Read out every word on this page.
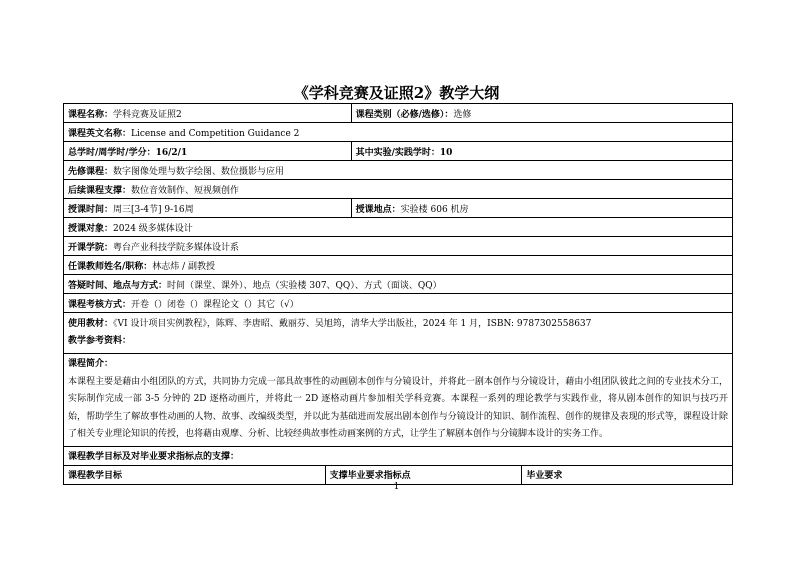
《学科竞赛及证照2》教学大纲
课程名称：学科竞赛及证照2		课程类别（必修/选修）：选修	
课程英文名称：License and Competition Guidance 2			
总学时/周学时/学分：16/2/1		其中实验/实践学时：10	
先修课程：数字图像处理与数字绘图、数位摄影与应用			
后续课程支撑：数位音效制作、短视频创作			
授课时间：周三[3-4节] 9-16周		授课地点：实验楼 606 机房	
授课对象：2024 级多媒体设计			
开课学院：粤台产业科技学院多媒体设计系			
任课教师姓名/职称：林志炜 / 副教授			
答疑时间、地点与方式：时间（课堂、课外）、地点（实验楼 307、QQ）、方式（面谈、QQ）			
课程考核方式：开卷（）闭卷（）课程论文（）其它（√）			

使用教材：《VI 设计项目实例教程》，陈辉、李唐昭、戴丽芬、吴旭筠，清华大学出版社，2024 年 1 月，ISBN: 9787302558637
教学参考资料：			

课程简介：
本课程主要是藉由小组团队的方式，共同协力完成一部具故事性的动画剧本创作与分镜设计，并将此一剧本创作与分镜设计，藉由小组团队彼此之间的专业技术分工，实际制作完成一部 3-5 分钟的 2D 逐格动画片，并将此一 2D 逐格动画片参加相关学科竞赛。本课程一系列的理论教学与实践作业，将从剧本创作的知识与技巧开始，帮助学生了解故事性动画的人物、故事、改编级类型，并以此为基础进而发展出剧本创作与分镜设计的知识、制作流程、创作的规律及表现的形式等，课程设计除了相关专业理论知识的传授，也将藉由观摩、分析、比较经典故事性动画案例的方式，让学生了解剧本创作与分镜脚本设计的实务工作。			

课程教学目标及对毕业要求指标点的支撑：			
课程教学目标	支撑毕业要求指标点		毕业要求
1
